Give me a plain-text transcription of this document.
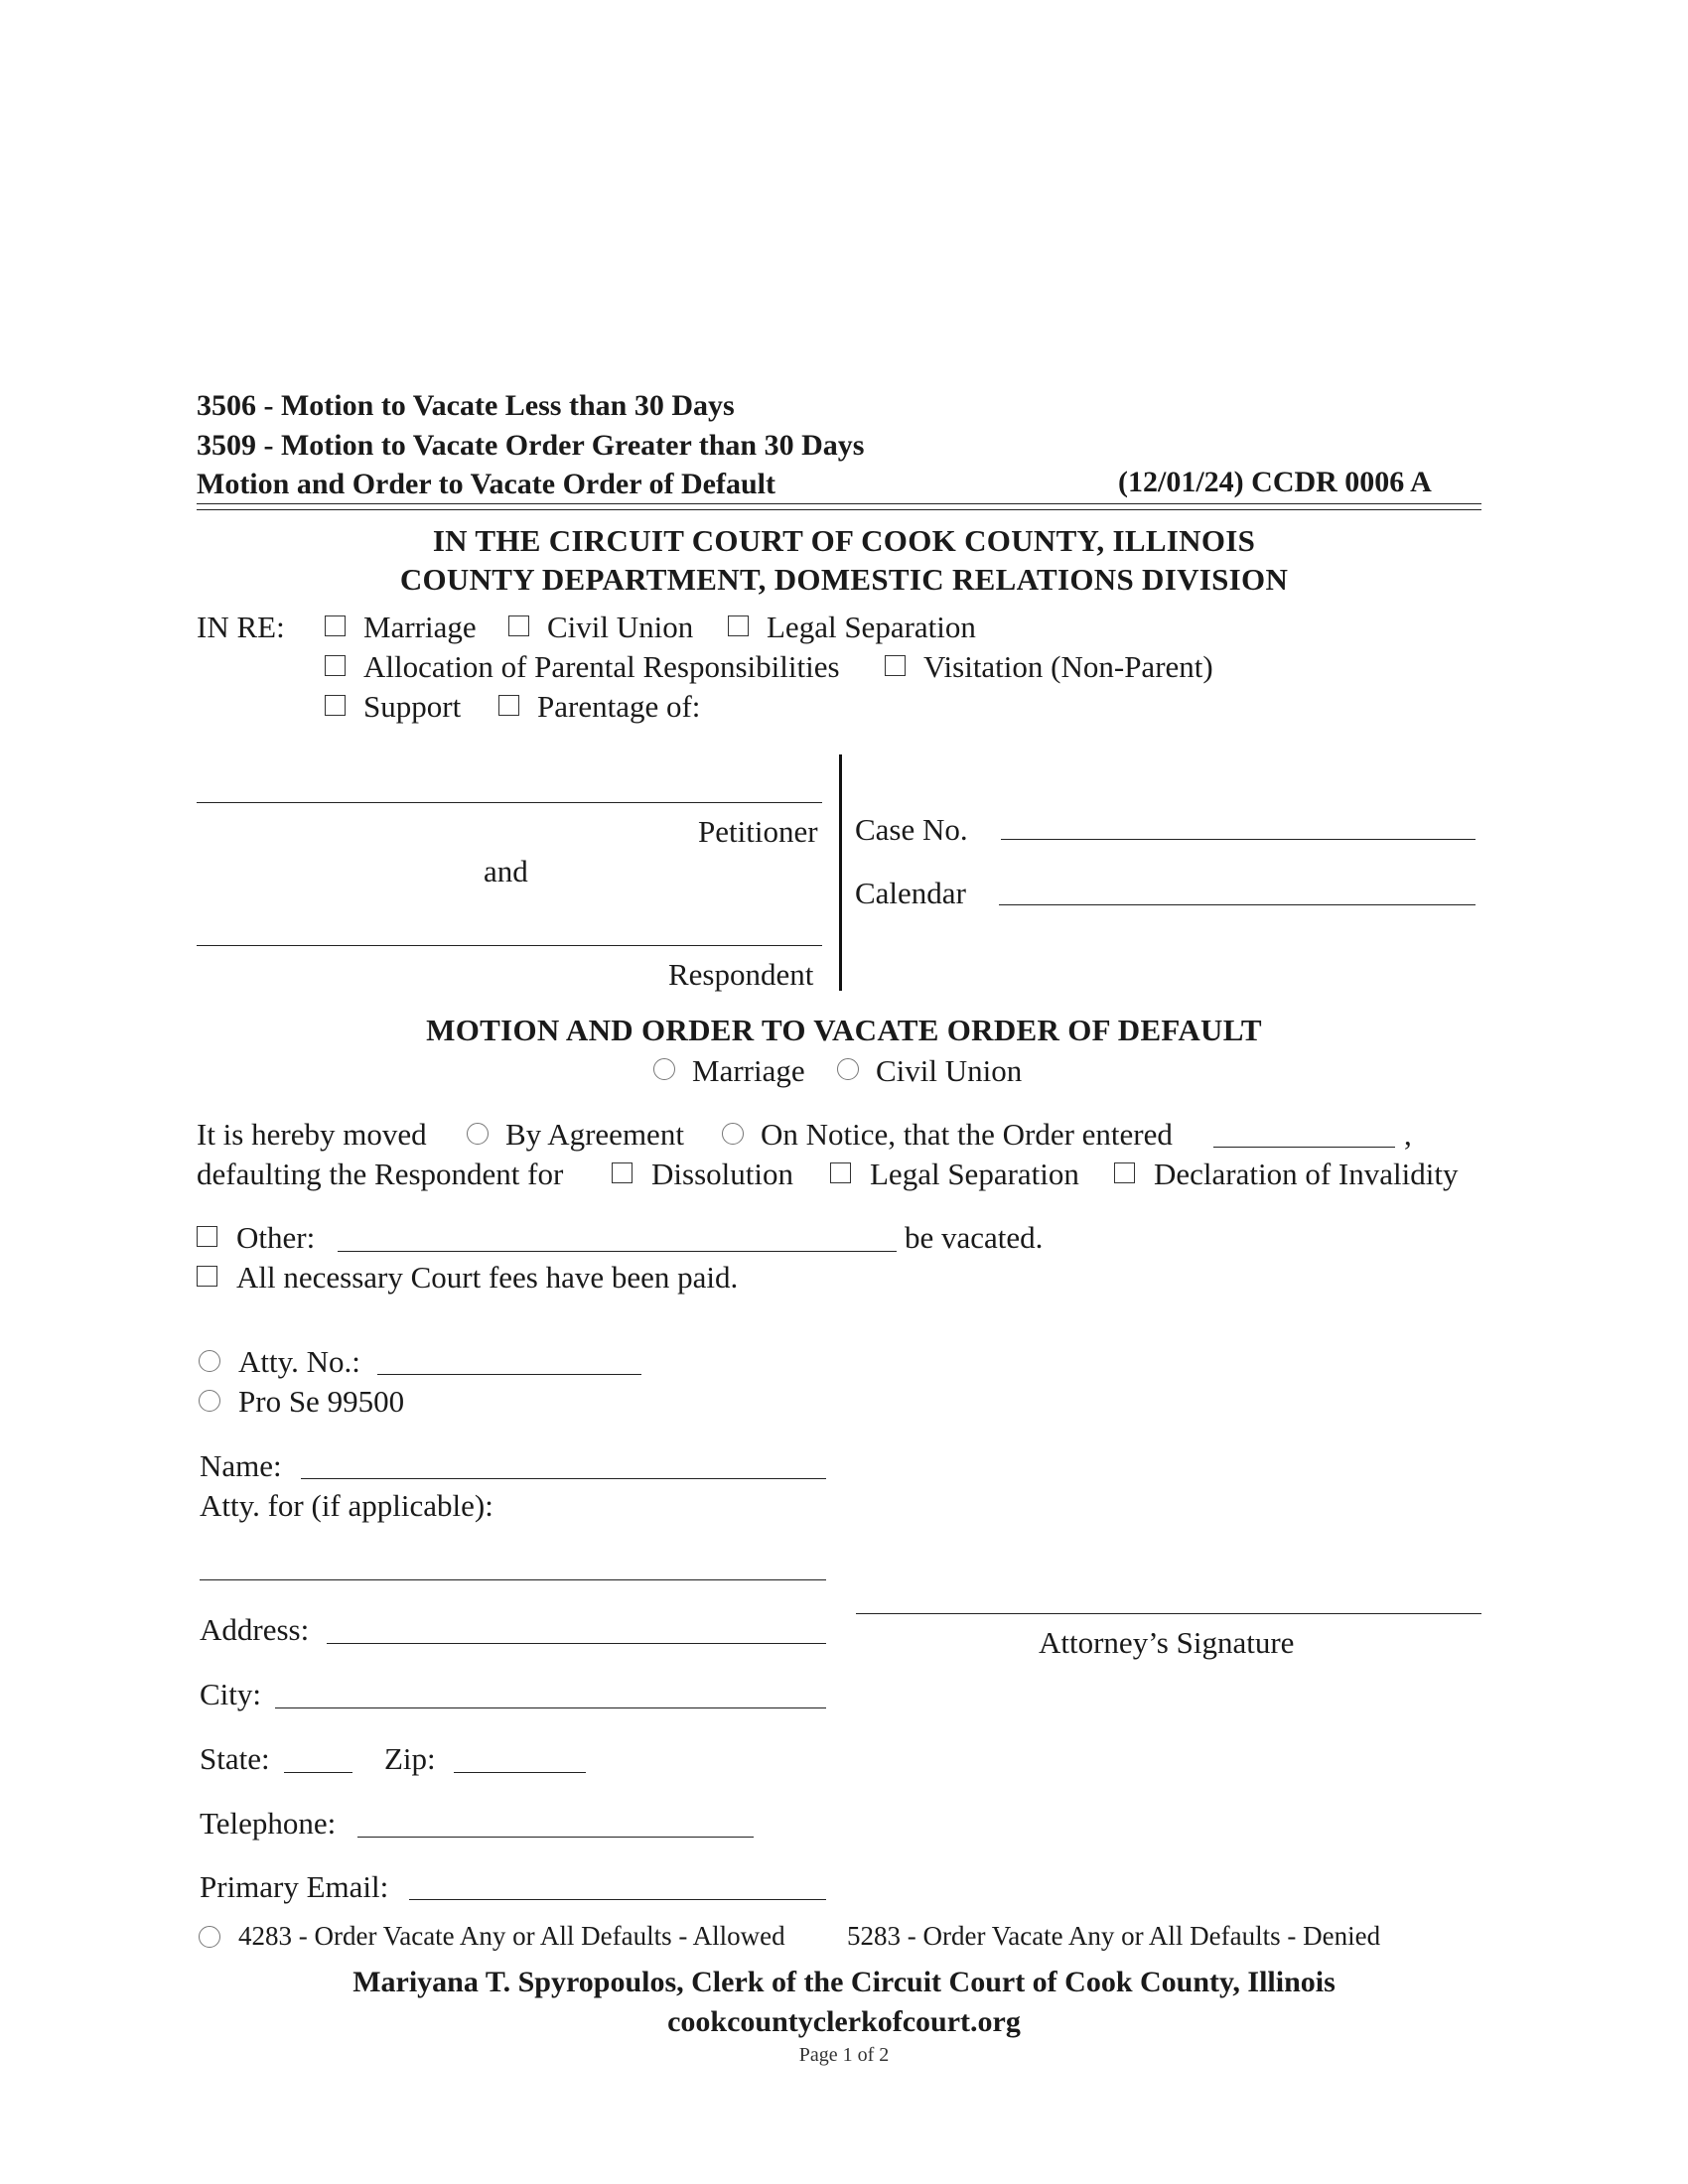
3506 - Motion to Vacate Less than 30 Days
3509 - Motion to Vacate Order Greater than 30 Days
Motion and Order to Vacate Order of Default	(12/01/24) CCDR 0006 A
IN THE CIRCUIT COURT OF COOK COUNTY, ILLINOIS
COUNTY DEPARTMENT, DOMESTIC RELATIONS DIVISION
IN RE:	Marriage Civil Union Legal Separation
Allocation of Parental Responsibilities	Visitation (Non-Parent)
Support Parentage of:
Petitioner
and
Respondent
Case No.
Calendar
MOTION AND ORDER TO VACATE ORDER OF DEFAULT
Marriage Civil Union
It is hereby moved	By Agreement On Notice, that the Order entered	,
defaulting the Respondent for	Dissolution Legal Separation Declaration of Invalidity
Other:	be vacated.
All necessary Court fees have been paid.
Atty. No.:
Pro Se 99500
Name:
Atty. for (if applicable):
Address:
City:
State:	Zip:
Telephone:
Primary Email:
Attorney’s Signature
4283 - Order Vacate Any or All Defaults - Allowed 5283 - Order Vacate Any or All Defaults - Denied
Mariyana T. Spyropoulos, Clerk of the Circuit Court of Cook County, Illinois
cookcountyclerkofcourt.org
Page 1 of 2
